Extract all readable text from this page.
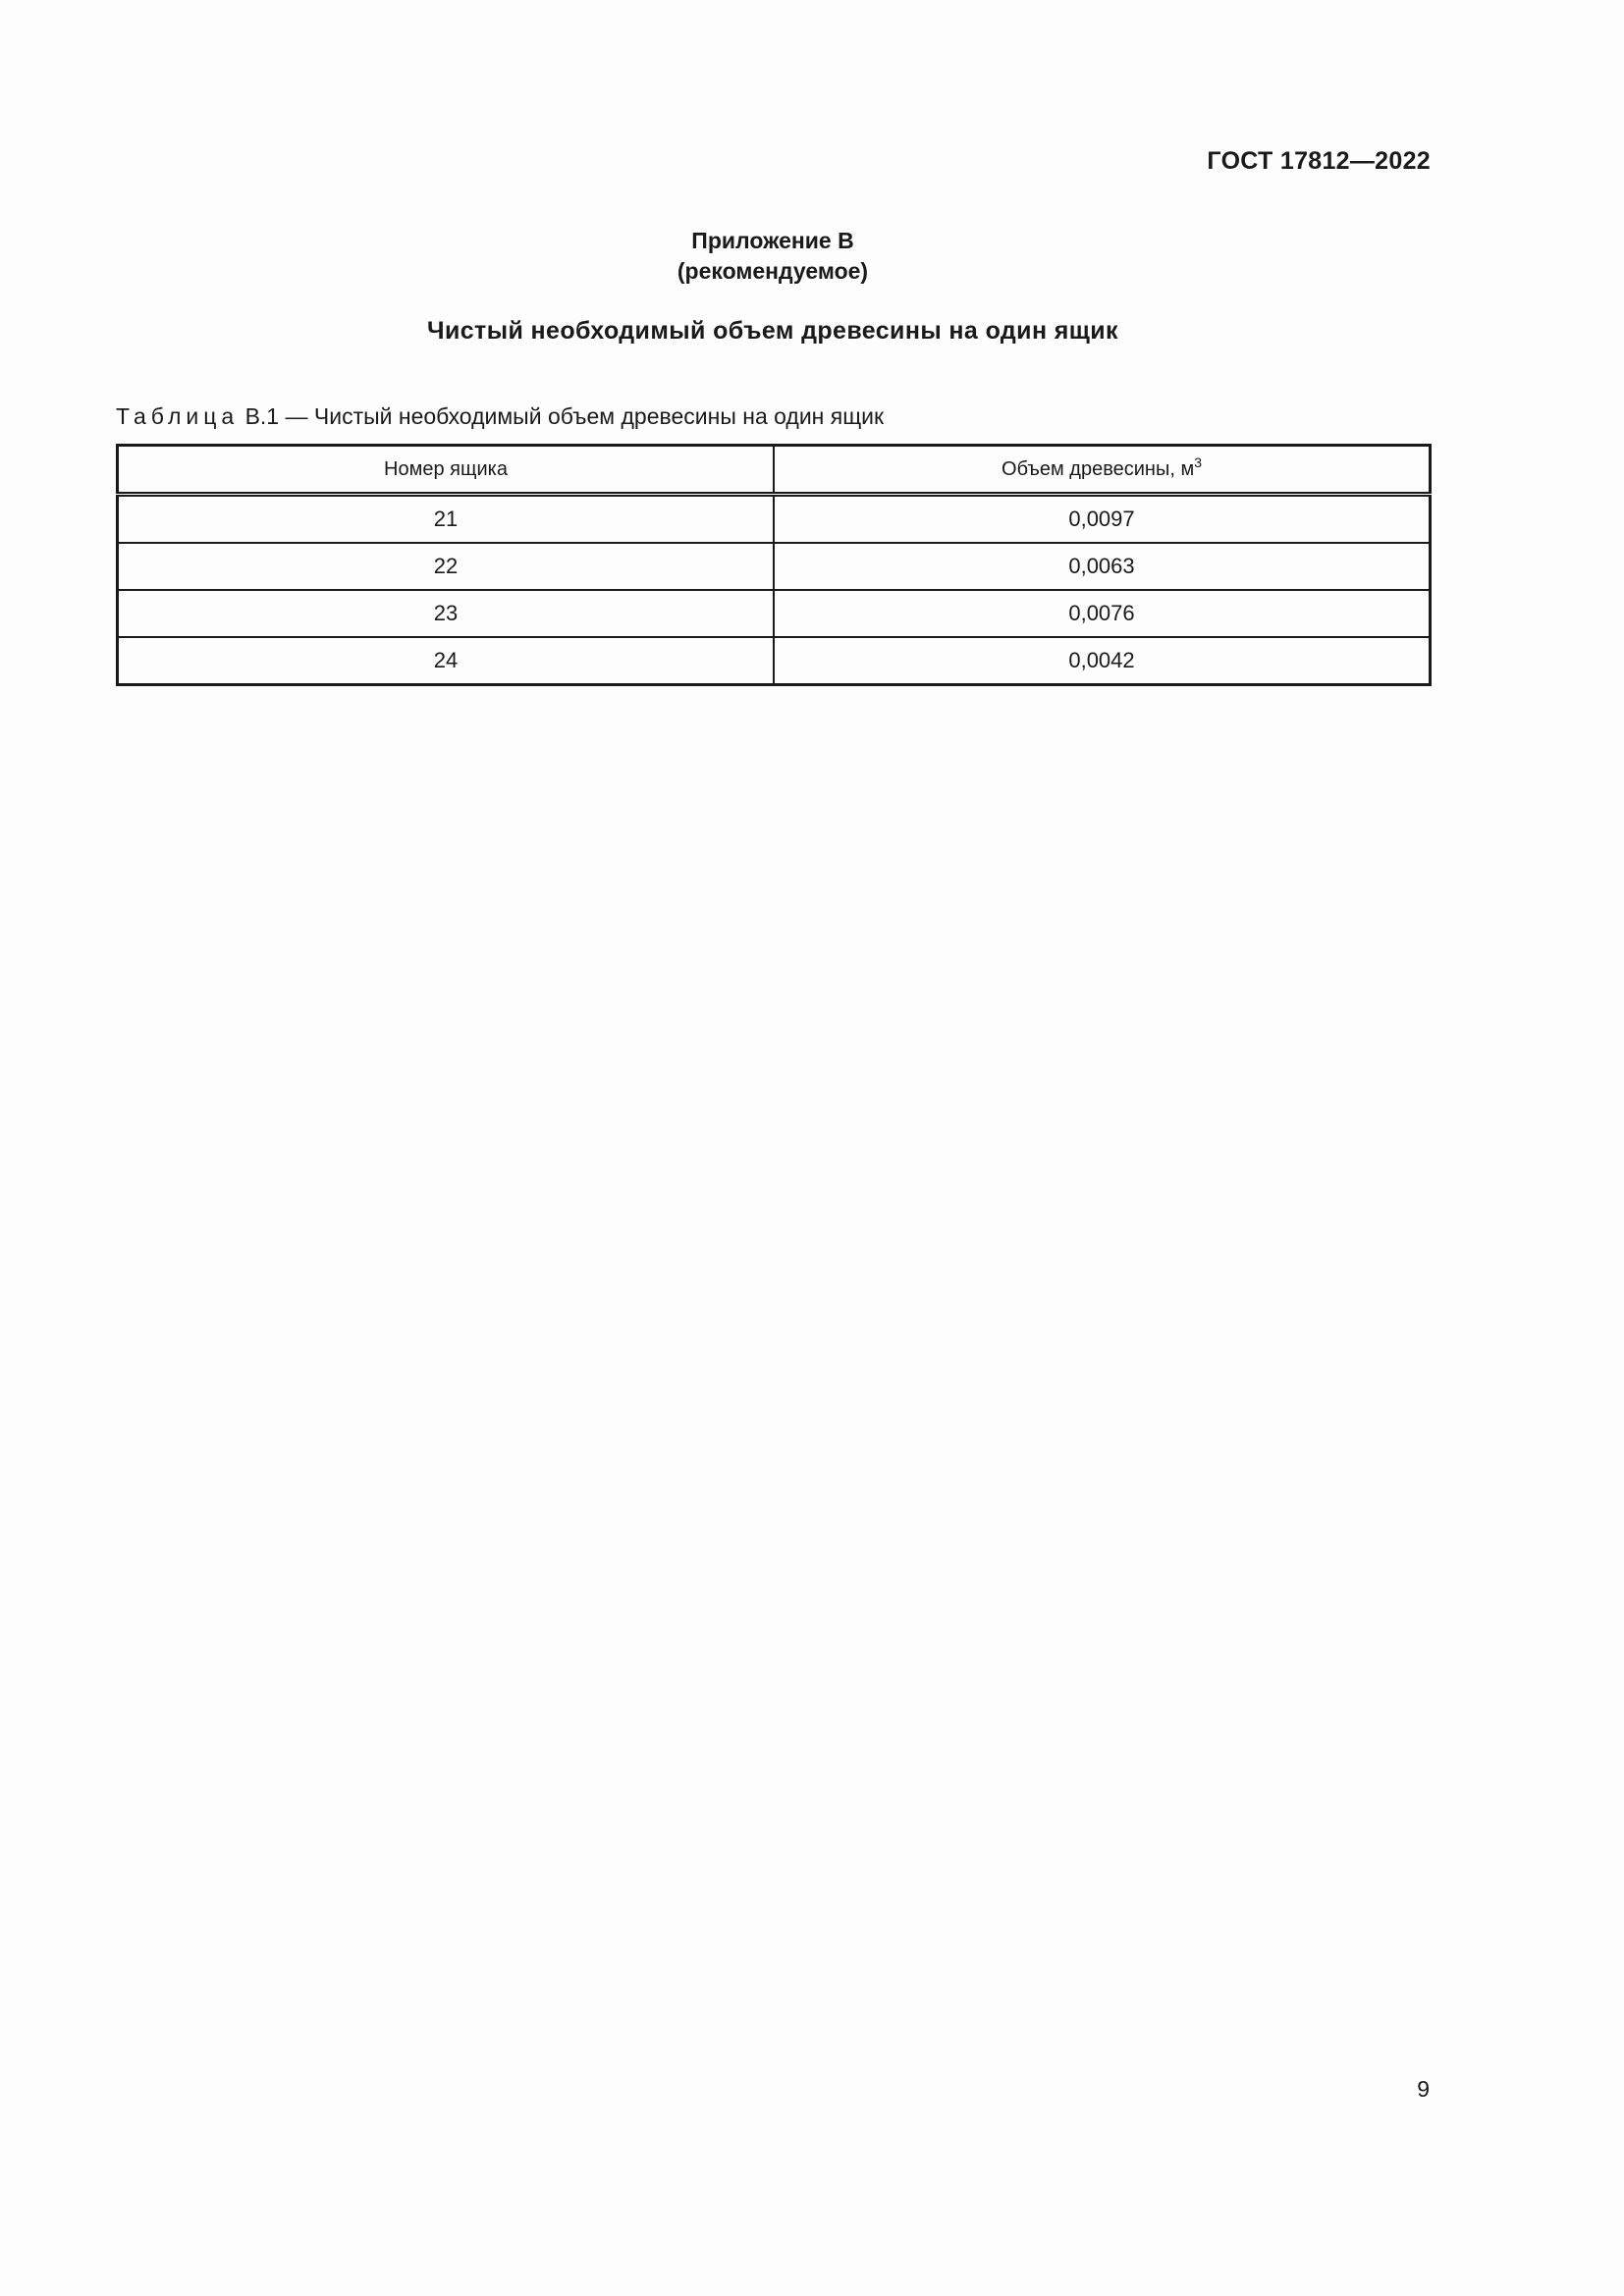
ГОСТ 17812—2022
Приложение В
(рекомендуемое)
Чистый необходимый объем древесины на один ящик
Таблица В.1 — Чистый необходимый объем древесины на один ящик
Номер ящика	Объем древесины, $м^3$
21	0,0097
22	0,0063
23	0,0076
24	0,0042
9
